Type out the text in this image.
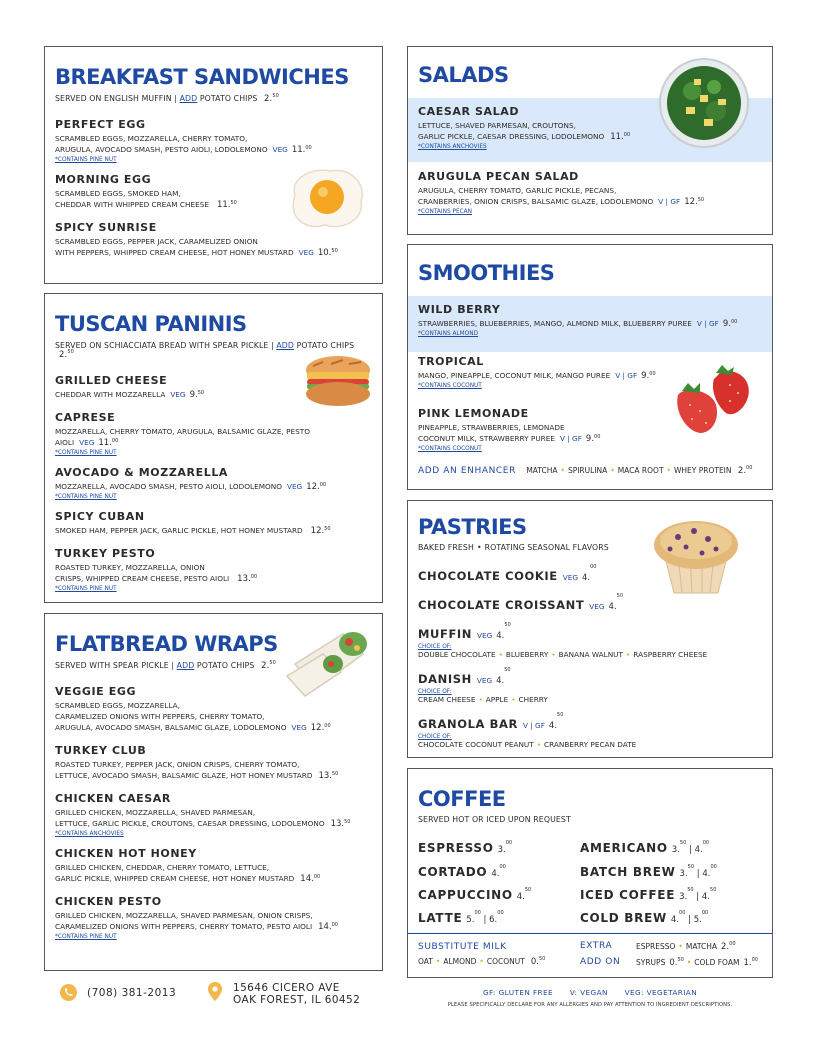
BREAKFAST SANDWICHES
SERVED ON ENGLISH MUFFIN | ADD POTATO CHIPS 2.50
PERFECT EGG
SCRAMBLED EGGS, MOZZARELLA, CHERRY TOMATO,
ARUGULA, AVOCADO SMASH, PESTO AIOLI, LODOLEMONO VEG 11.00
*CONTAINS PINE NUT
MORNING EGG
SCRAMBLED EGGS, SMOKED HAM,
CHEDDAR WITH WHIPPED CREAM CHEESE 11.50
SPICY SUNRISE
SCRAMBLED EGGS, PEPPER JACK, CARAMELIZED ONION
WITH PEPPERS, WHIPPED CREAM CHEESE, HOT HONEY MUSTARD VEG 10.50
TUSCAN PANINIS
SERVED ON SCHIACCIATA BREAD WITH SPEAR PICKLE | ADD POTATO CHIPS 2.50
GRILLED CHEESE
CHEDDAR WITH MOZZARELLA VEG 9.50
CAPRESE
MOZZARELLA, CHERRY TOMATO, ARUGULA, BALSAMIC GLAZE, PESTO AIOLI VEG 11.00
*CONTAINS PINE NUT
AVOCADO & MOZZARELLA
MOZZARELLA, AVOCADO SMASH, PESTO AIOLI, LODOLEMONO VEG 12.00
*CONTAINS PINE NUT
SPICY CUBAN
SMOKED HAM, PEPPER JACK, GARLIC PICKLE, HOT HONEY MUSTARD 12.50
TURKEY PESTO
ROASTED TURKEY, MOZZARELLA, ONION
CRISPS, WHIPPED CREAM CHEESE, PESTO AIOLI 13.00
*CONTAINS PINE NUT
FLATBREAD WRAPS
SERVED WITH SPEAR PICKLE | ADD POTATO CHIPS 2.50
VEGGIE EGG
SCRAMBLED EGGS, MOZZARELLA,
CARAMELIZED ONIONS WITH PEPPERS, CHERRY TOMATO,
ARUGULA, AVOCADO SMASH, BALSAMIC GLAZE, LODOLEMONO VEG 12.00
TURKEY CLUB
ROASTED TURKEY, PEPPER JACK, ONION CRISPS, CHERRY TOMATO,
LETTUCE, AVOCADO SMASH, BALSAMIC GLAZE, HOT HONEY MUSTARD 13.50
CHICKEN CAESAR
GRILLED CHICKEN, MOZZARELLA, SHAVED PARMESAN,
LETTUCE, GARLIC PICKLE, CROUTONS, CAESAR DRESSING, LODOLEMONO 13.50
*CONTAINS ANCHOVIES
CHICKEN HOT HONEY
GRILLED CHICKEN, CHEDDAR, CHERRY TOMATO, LETTUCE,
GARLIC PICKLE, WHIPPED CREAM CHEESE, HOT HONEY MUSTARD 14.00
CHICKEN PESTO
GRILLED CHICKEN, MOZZARELLA, SHAVED PARMESAN, ONION CRISPS,
CARAMELIZED ONIONS WITH PEPPERS, CHERRY TOMATO, PESTO AIOLI 14.00
*CONTAINS PINE NUT
SALADS
CAESAR SALAD
LETTUCE, SHAVED PARMESAN, CROUTONS,
GARLIC PICKLE, CAESAR DRESSING, LODOLEMONO 11.00
*CONTAINS ANCHOVIES
ARUGULA PECAN SALAD
ARUGULA, CHERRY TOMATO, GARLIC PICKLE, PECANS,
CRANBERRIES, ONION CRISPS, BALSAMIC GLAZE, LODOLEMONO V | GF 12.50
*CONTAINS PECAN
SMOOTHIES
WILD BERRY
STRAWBERRIES, BLUEBERRIES, MANGO, ALMOND MILK, BLUEBERRY PUREE V | GF 9.00
*CONTAINS ALMOND
TROPICAL
MANGO, PINEAPPLE, COCONUT MILK, MANGO PUREE V | GF 9.00
*CONTAINS COCONUT
PINK LEMONADE
PINEAPPLE, STRAWBERRIES, LEMONADE
COCONUT MILK, STRAWBERRY PUREE V | GF 9.00
*CONTAINS COCONUT
ADD AN ENHANCER MATCHA • SPIRULINA • MACA ROOT • WHEY PROTEIN 2.00
PASTRIES
BAKED FRESH • ROTATING SEASONAL FLAVORS
CHOCOLATE COOKIE VEG 4.00
CHOCOLATE CROISSANT VEG 4.50
MUFFIN VEG 4.50
CHOICE OF:
DOUBLE CHOCOLATE • BLUEBERRY • BANANA WALNUT • RASPBERRY CHEESE
DANISH VEG 4.50
CHOICE OF:
CREAM CHEESE • APPLE • CHERRY
GRANOLA BAR V | GF 4.50
CHOICE OF:
CHOCOLATE COCONUT PEANUT • CRANBERRY PECAN DATE
COFFEE
SERVED HOT OR ICED UPON REQUEST
ESPRESSO 3.00
CORTADO 4.00
CAPPUCCINO 4.50
LATTE 5.00 | 6.00
AMERICANO 3.50 | 4.00
BATCH BREW 3.50 | 4.00
ICED COFFEE 3.50 | 4.50
COLD BREW 4.00 | 5.00
SUBSTITUTE MILK
OAT • ALMOND • COCONUT 0.50
EXTRA	ESPRESSO • MATCHA 2.00
ADD ON SYRUPS 0.50 • COLD FOAM 1.00
(708) 381-2013	15646 CICERO AVE
OAK FOREST, IL 60452
GF: GLUTEN FREE V: VEGAN VEG: VEGETARIAN
PLEASE SPECIFICALLY DECLARE FOR ANY ALLERGIES AND PAY ATTENTION TO INGREDIENT DESCRIPTIONS.
